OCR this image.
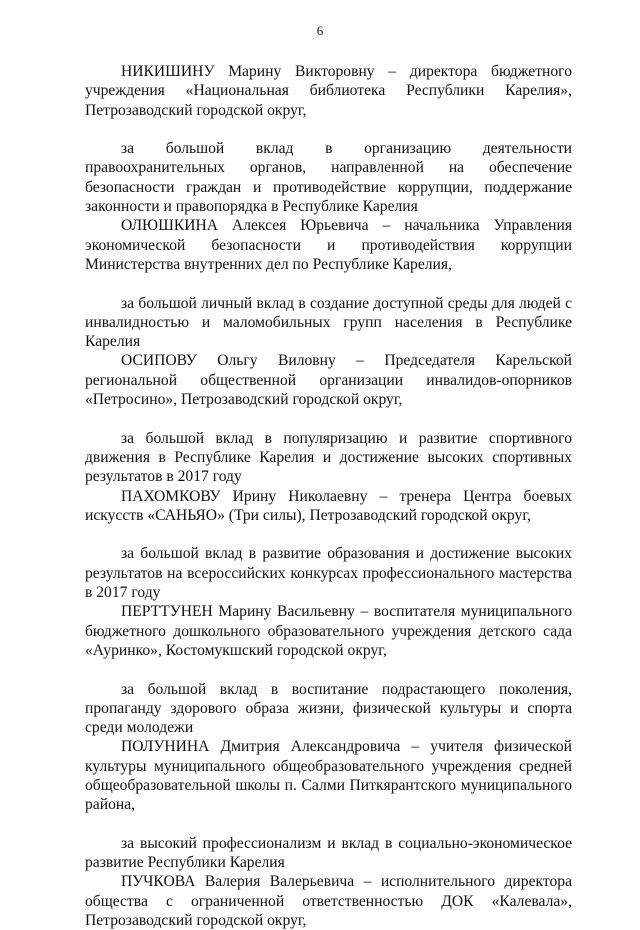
6

НИКИШИНУ Марину Викторовну – директора бюджетного учреждения «Национальная библиотека Республики Карелия», Петрозаводский городской округ,

за большой вклад в организацию деятельности правоохранительных органов, направленной на обеспечение безопасности граждан и противодействие коррупции, поддержание законности и правопорядка в Республике Карелия

ОЛЮШКИНА Алексея Юрьевича – начальника Управления экономической безопасности и противодействия коррупции Министерства внутренних дел по Республике Карелия,

за большой личный вклад в создание доступной среды для людей с инвалидностью и маломобильных групп населения в Республике Карелия

ОСИПОВУ Ольгу Виловну – Председателя Карельской региональной общественной организации инвалидов-опорников «Петросино», Петрозаводский городской округ,

за большой вклад в популяризацию и развитие спортивного движения в Республике Карелия и достижение высоких спортивных результатов в 2017 году

ПАХОМКОВУ Ирину Николаевну – тренера Центра боевых искусств «САНЬЯО» (Три силы), Петрозаводский городской округ,

за большой вклад в развитие образования и достижение высоких результатов на всероссийских конкурсах профессионального мастерства в 2017 году

ПЕРТТУНЕН Марину Васильевну – воспитателя муниципального бюджетного дошкольного образовательного учреждения детского сада «Ауринко», Костомукшский городской округ,

за большой вклад в воспитание подрастающего поколения, пропаганду здорового образа жизни, физической культуры и спорта среди молодежи

ПОЛУНИНА Дмитрия Александровича – учителя физической культуры муниципального общеобразовательного учреждения средней общеобразовательной школы п. Салми Питкярантского муниципального района,

за высокий профессионализм и вклад в социально-экономическое развитие Республики Карелия

ПУЧКОВА Валерия Валерьевича – исполнительного директора общества с ограниченной ответственностью ДОК «Калевала», Петрозаводский городской округ,
